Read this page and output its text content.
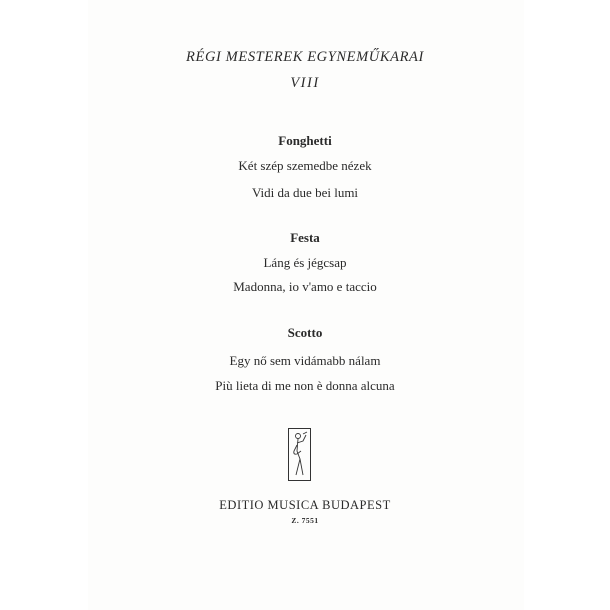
RÉGI MESTEREK EGYNEMŰKARAI
VIII
Fonghetti
Két szép szemedbe nézek
Vidi da due bei lumi
Festa
Láng és jégcsap
Madonna, io v'amo e taccio
Scotto
Egy nő sem vidámabb nálam
Più lieta di me non è donna alcuna
EDITIO MUSICA BUDAPEST
Z. 7551
